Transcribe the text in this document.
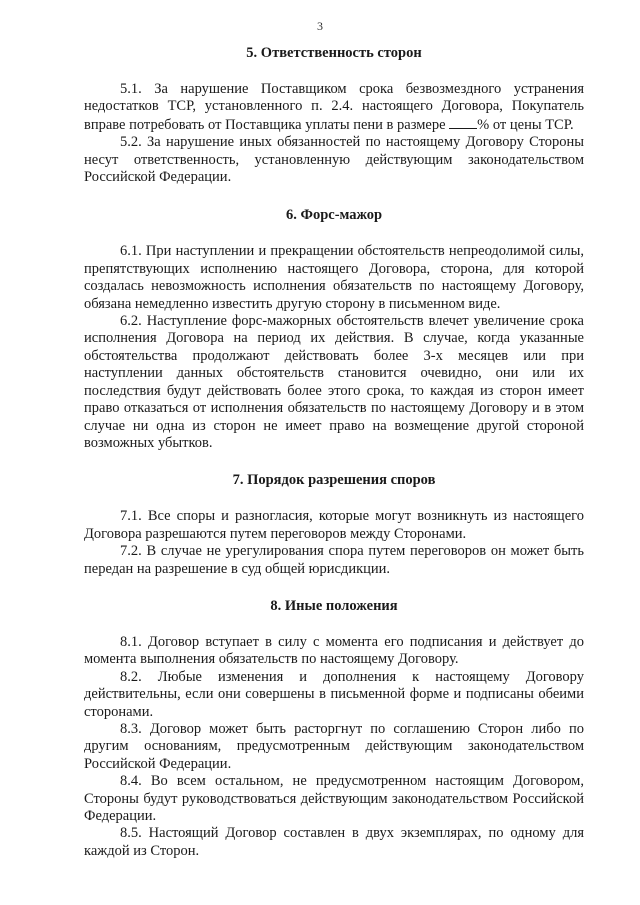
3
5. Ответственность сторон

5.1. За нарушение Поставщиком срока безвозмездного устранения недостатков ТСР, установленного п. 2.4. настоящего Договора, Покупатель вправе потребовать от Поставщика уплаты пени в размере % от цены ТСР.

5.2. За нарушение иных обязанностей по настоящему Договору Стороны несут ответственность, установленную действующим законодательством Российской Федерации.

6. Форс-мажор

6.1. При наступлении и прекращении обстоятельств непреодолимой силы, препятствующих исполнению настоящего Договора, сторона, для которой создалась невозможность исполнения обязательств по настоящему Договору, обязана немедленно известить другую сторону в письменном виде.

6.2. Наступление форс-мажорных обстоятельств влечет увеличение срока исполнения Договора на период их действия. В случае, когда указанные обстоятельства продолжают действовать более 3-х месяцев или при наступлении данных обстоятельств становится очевидно, они или их последствия будут действовать более этого срока, то каждая из сторон имеет право отказаться от исполнения обязательств по настоящему Договору и в этом случае ни одна из сторон не имеет право на возмещение другой стороной возможных убытков.

7. Порядок разрешения споров

7.1. Все споры и разногласия, которые могут возникнуть из настоящего Договора разрешаются путем переговоров между Сторонами.

7.2. В случае не урегулирования спора путем переговоров он может быть передан на разрешение в суд общей юрисдикции.

8. Иные положения

8.1. Договор вступает в силу с момента его подписания и действует до момента выполнения обязательств по настоящему Договору.

8.2. Любые изменения и дополнения к настоящему Договору действительны, если они совершены в письменной форме и подписаны обеими сторонами.

8.3. Договор может быть расторгнут по соглашению Сторон либо по другим основаниям, предусмотренным действующим законодательством Российской Федерации.

8.4. Во всем остальном, не предусмотренном настоящим Договором, Стороны будут руководствоваться действующим законодательством Российской Федерации.

8.5. Настоящий Договор составлен в двух экземплярах, по одному для каждой из Сторон.
